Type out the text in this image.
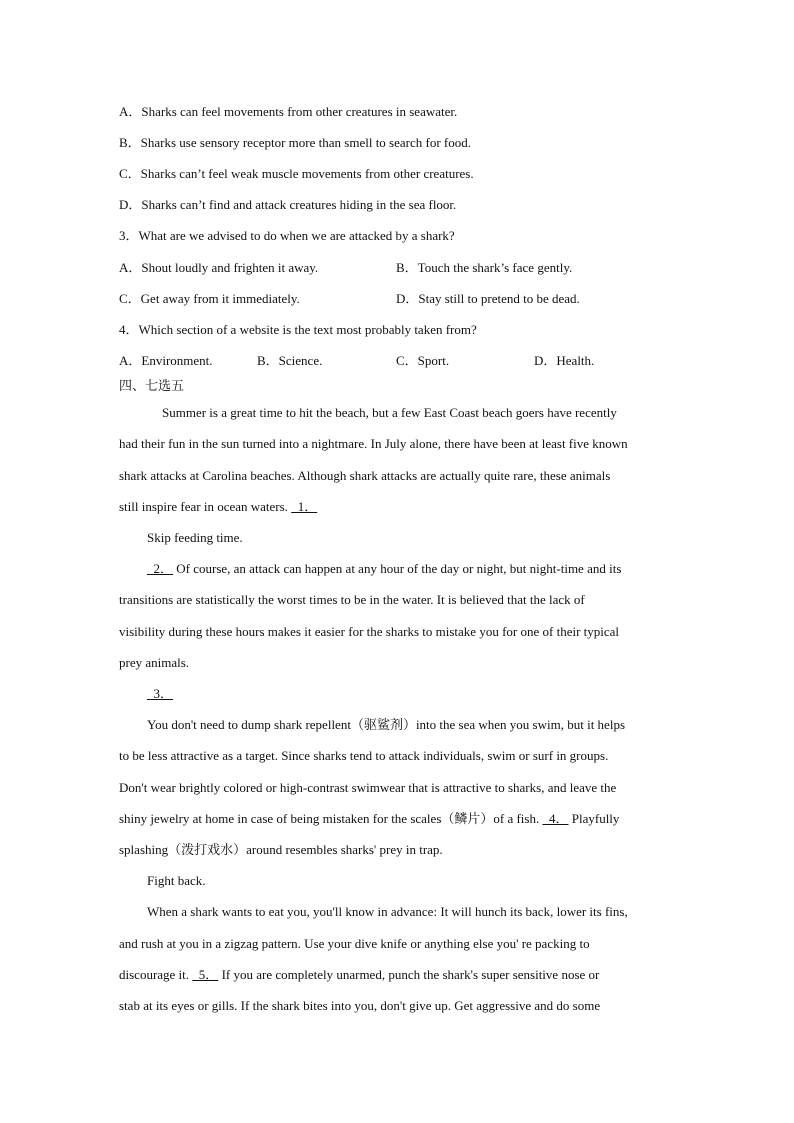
A．Sharks can feel movements from other creatures in seawater.
B．Sharks use sensory receptor more than smell to search for food.
C．Sharks can’t feel weak muscle movements from other creatures.
D．Sharks can’t find and attack creatures hiding in the sea floor.
3．What are we advised to do when we are attacked by a shark?
A．Shout loudly and frighten it away.	B．Touch the shark’s face gently.
C．Get away from it immediately.	D．Stay still to pretend to be dead.
4．Which section of a website is the text most probably taken from?
A．Environment.	B．Science.	C．Sport.	D．Health.
四、七选五
Summer is a great time to hit the beach, but a few East Coast beach goers have recently
had their fun in the sun turned into a nightmare. In July alone, there have been at least five known
shark attacks at Carolina beaches. Although shark attacks are actually quite rare, these animals
still inspire fear in ocean waters.   1．
Skip feeding time.
2． Of course, an attack can happen at any hour of the day or night, but night-time and its
transitions are statistically the worst times to be in the water. It is believed that the lack of
visibility during these hours makes it easier for the sharks to mistake you for one of their typical
prey animals.
3．
You don't need to dump shark repellent（驱鲨剂）into the sea when you swim, but it helps
to be less attractive as a target. Since sharks tend to attack individuals, swim or surf in groups.
Don't wear brightly colored or high-contrast swimwear that is attractive to sharks, and leave the
shiny jewelry at home in case of being mistaken for the scales（鳞片）of a fish.   4． Playfully
splashing（泼打戏水）around resembles sharks' prey in trap.
Fight back.
When a shark wants to eat you, you'll know in advance: It will hunch its back, lower its fins,
and rush at you in a zigzag pattern. Use your dive knife or anything else you' re packing to
discourage it.   5． If you are completely unarmed, punch the shark's super sensitive nose or
stab at its eyes or gills. If the shark bites into you, don't give up. Get aggressive and do some
